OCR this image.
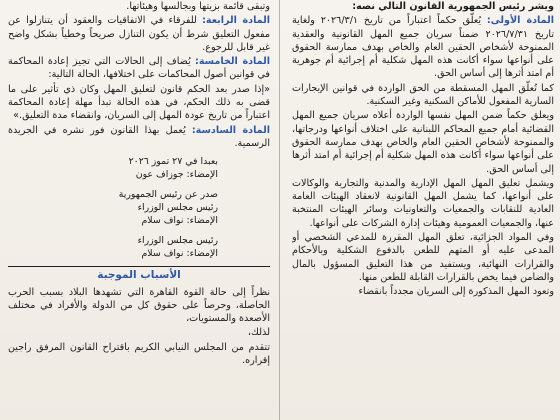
ويشر رئيس الجمهورية القانون التالي نصه:

المادة الأولى: يُعلّق حكماً اعتباراً من تاريخ ٢٠٢٦/٣/١ ولغاية تاريخ ٢٠٢٦/٧/٣١ ضمناً سريان جميع المهل القانونية والعقدية الممنوحة لأشخاص الحقين العام والخاص بهدف ممارسة الحقوق على أنواعها سواء أكانت هذه المهل شكلية أم إجرائية أم جوهرية أم امتد أثرها إلى أساس الحق.

كما تُعلّق المهل المسقطة من الحق الواردة في قوانين الإيجارات السارية المفعول للأماكن السكنية وغير السكنية.

ويعلق حكماً ضمن المهل نفسها الواردة أعلاه سريان جميع المهل القضائية أمام جميع المحاكم اللبنانية على اختلاف أنواعها ودرجاتها، والممنوحة لأشخاص الحقين العام والخاص بهدف ممارسة الحقوق على أنواعها سواء أكانت هذه المهل شكلية أم إجرائية أم امتد أثرها إلى أساس الحق.

ويشمل تعليق المهل المهل الإدارية والمدنية والتجارية والوكالات على أنواعها، كما يشمل المهل القانونية لانعقاد الهيئات العامة العادية للنقابات والجمعيات والتعاونيات وسائر الهيئات المنتخبة عنها، والجمعيات العمومية وهيئات إدارة الشركات على أنواعها.

وفي المواد الجزائية، تعلق المهل المقررة للمدعي الشخصي أو المدعى عليه أو المتهم للطعن بالدفوع الشكلية وبالأحكام والقرارات النهائية، ويستفيد من هذا التعليق المسؤول بالمال والضامن فيما يخص بالقرارات القابلة للطعن منها.

وتعود المهل المذكورة إلى السريان مجدداً بانقضاء

وتبقى قائمة بزيتها وبجالسها وهيئاتها.

المادة الرابعة: للفرقاء في الاتفاقيات والعقود أن يتنازلوا عن مفعول التعليق شرط أن يكون التنازل صريحاً وخطياً بشكل واضح غير قابل للرجوع.

المادة الخامسة: يُضاف إلى الحالات التي تجيز إعادة المحاكمة في قوانين أصول المحاكمات على اختلافها، الحالة التالية:

«إذا صدر بعد الحكم قانون لتعليق المهل وكان ذي تأثير على ما قضى به ذلك الحكم، في هذه الحالة تبدأ مهلة إعادة المحاكمة اعتباراً من تاريخ عودة المهل إلى السريان، وانقضاء مدة التعليق.»

المادة السادسة: يُعمل بهذا القانون فور نشره في الجريدة الرسمية.

بعبدا في ٢٧ تموز ٢٠٢٦

الإمضاء: جوزاف عون

صدر عن رئيس الجمهورية

رئيس مجلس الوزراء

الإمضاء: نواف سلام

رئيس مجلس الوزراء

الإمضاء: نواف سلام

الأسباب الموجبة

نظراً إلى حالة القوة القاهرة التي تشهدها البلاد بسبب الحرب الحاصلة، وحرصاً على حقوق كل من الدولة والأفراد في مختلف الأصعدة والمستويات،

لذلك،

تتقدم من المجلس النيابي الكريم باقتراح القانون المرفق راجين إقراره.
